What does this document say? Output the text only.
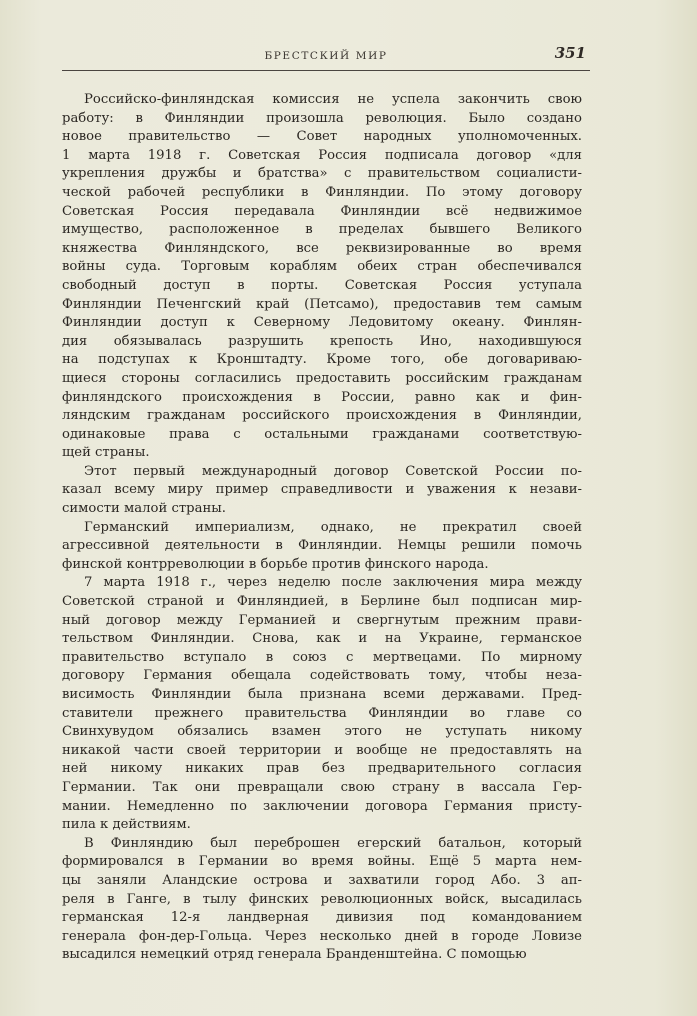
БРЕСТСКИЙ МИР	351

Российско-финляндская комиссия не успела закончить свою
работу: в Финляндии произошла революция. Было создано
новое правительство — Совет народных уполномоченных.
1 марта 1918 г. Советская Россия подписала договор «для
укрепления дружбы и братства» с правительством социалисти-
ческой рабочей республики в Финляндии. По этому договору
Советская Россия передавала Финляндии всё недвижимое
имущество, расположенное в пределах бывшего Великого
княжества Финляндского, все реквизированные во время
войны суда. Торговым кораблям обеих стран обеспечивался
свободный доступ в порты. Советская Россия уступала
Финляндии Печенгский край (Петсамо), предоставив тем самым
Финляндии доступ к Северному Ледовитому океану. Финлян-
дия обязывалась разрушить крепость Ино, находившуюся
на подступах к Кронштадту. Кроме того, обе договариваю-
щиеся стороны согласились предоставить российским гражданам
финляндского происхождения в России, равно как и фин-
ляндским гражданам российского происхождения в Финляндии,
одинаковые права с остальными гражданами соответствую-
щей страны.

Этот первый международный договор Советской России по-
казал всему миру пример справедливости и уважения к незави-
симости малой страны.

Германский империализм, однако, не прекратил своей
агрессивной деятельности в Финляндии. Немцы решили помочь
финской контрреволюции в борьбе против финского народа.

7 марта 1918 г., через неделю после заключения мира между
Советской страной и Финляндией, в Берлине был подписан мир-
ный договор между Германией и свергнутым прежним прави-
тельством Финляндии. Снова, как и на Украине, германское
правительство вступало в союз с мертвецами. По мирному
договору Германия обещала содействовать тому, чтобы неза-
висимость Финляндии была признана всеми державами. Пред-
ставители прежнего правительства Финляндии во главе со
Свинхувудом обязались взамен этого не уступать никому
никакой части своей территории и вообще не предоставлять на
ней никому никаких прав без предварительного согласия
Германии. Так они превращали свою страну в вассала Гер-
мании. Немедленно по заключении договора Германия присту-
пила к действиям.

В Финляндию был переброшен егерский батальон, который
формировался в Германии во время войны. Ещё 5 марта нем-
цы заняли Аландские острова и захватили город Або. 3 ап-
реля в Ганге, в тылу финских революционных войск, высадилась
германская 12-я ландверная дивизия под командованием
генерала фон-дер-Гольца. Через несколько дней в городе Ловизе
высадился немецкий отряд генерала Бранденштейна. С помощью
